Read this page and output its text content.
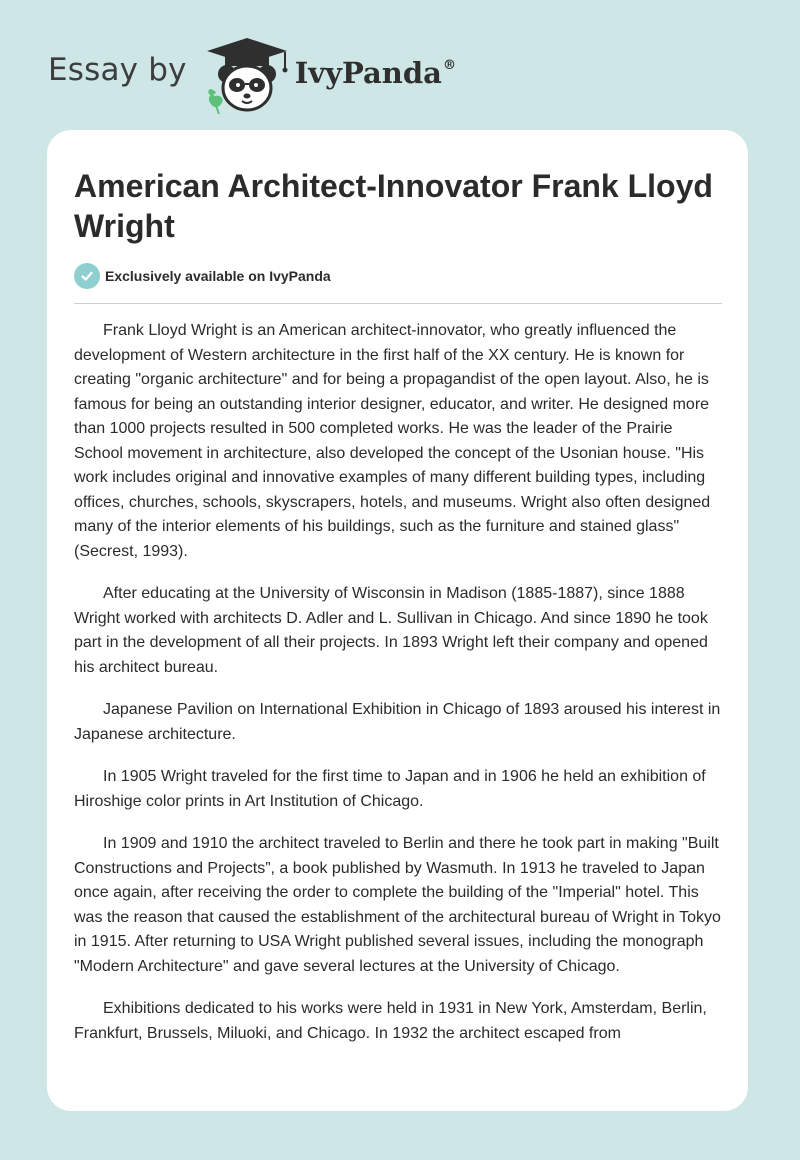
Essay by	IvyPanda®
American Architect-Innovator Frank Lloyd Wright
Exclusively available on IvyPanda

Frank Lloyd Wright is an American architect-innovator, who greatly influenced the development of Western architecture in the first half of the XX century. He is known for creating "organic architecture" and for being a propagandist of the open layout. Also, he is famous for being an outstanding interior designer, educator, and writer. He designed more than 1000 projects resulted in 500 completed works. He was the leader of the Prairie School movement in architecture, also developed the concept of the Usonian house. "His work includes original and innovative examples of many different building types, including offices, churches, schools, skyscrapers, hotels, and museums. Wright also often designed many of the interior elements of his buildings, such as the furniture and stained glass" (Secrest, 1993).

After educating at the University of Wisconsin in Madison (1885-1887), since 1888 Wright worked with architects D. Adler and L. Sullivan in Chicago. And since 1890 he took part in the development of all their projects. In 1893 Wright left their company and opened his architect bureau.

Japanese Pavilion on International Exhibition in Chicago of 1893 aroused his interest in Japanese architecture.

In 1905 Wright traveled for the first time to Japan and in 1906 he held an exhibition of Hiroshige color prints in Art Institution of Chicago.

In 1909 and 1910 the architect traveled to Berlin and there he took part in making "Built Constructions and Projects”, a book published by Wasmuth. In 1913 he traveled to Japan once again, after receiving the order to complete the building of the "Imperial" hotel. This was the reason that caused the establishment of the architectural bureau of Wright in Tokyo in 1915. After returning to USA Wright published several issues, including the monograph "Modern Architecture" and gave several lectures at the University of Chicago.

Exhibitions dedicated to his works were held in 1931 in New York, Amsterdam, Berlin, Frankfurt, Brussels, Miluoki, and Chicago. In 1932 the architect escaped from
